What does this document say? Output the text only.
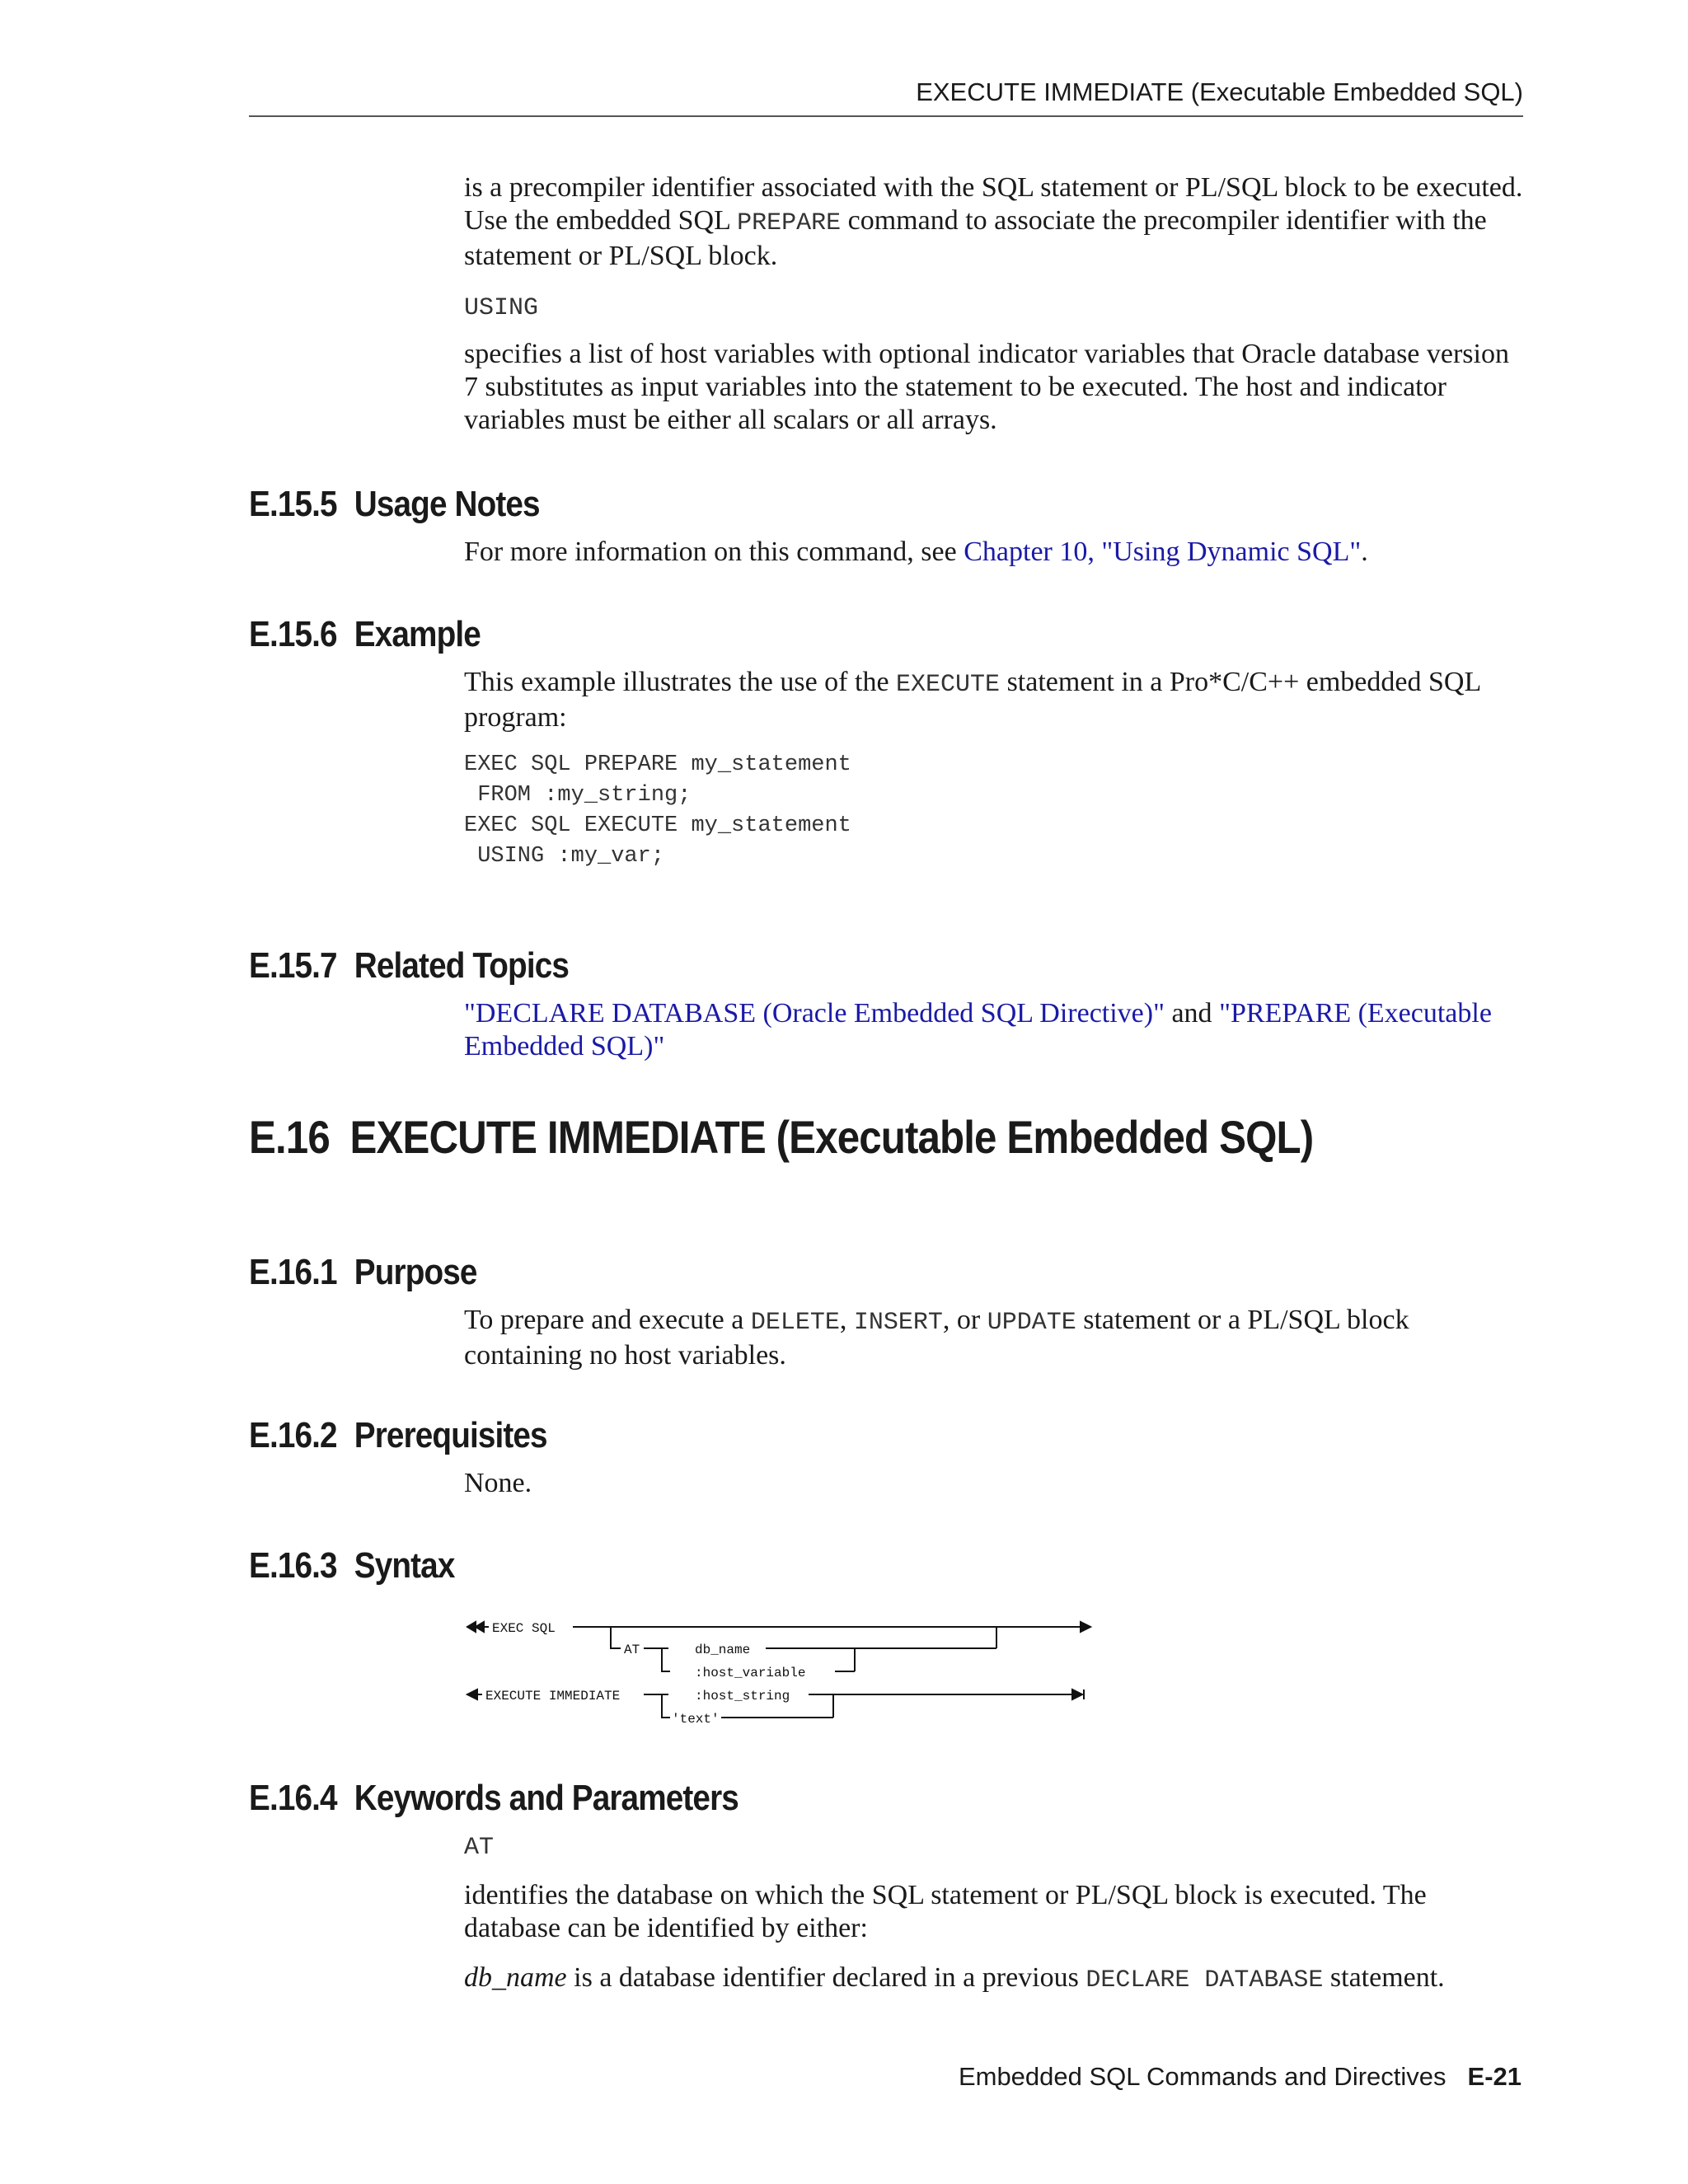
EXECUTE IMMEDIATE (Executable Embedded SQL)

is a precompiler identifier associated with the SQL statement or PL/SQL block to be executed. Use the embedded SQL PREPARE command to associate the precompiler identifier with the statement or PL/SQL block.

USING

specifies a list of host variables with optional indicator variables that Oracle database version 7 substitutes as input variables into the statement to be executed. The host and indicator variables must be either all scalars or all arrays.

E.15.5 Usage Notes

For more information on this command, see Chapter 10, "Using Dynamic SQL".

E.15.6 Example

This example illustrates the use of the EXECUTE statement in a Pro*C/C++ embedded SQL program:

EXEC SQL PREPARE my_statement
FROM :my_string;
EXEC SQL EXECUTE my_statement
USING :my_var;
E.15.7 Related Topics

"DECLARE DATABASE (Oracle Embedded SQL Directive)" and "PREPARE (Executable Embedded SQL)"

E.16 EXECUTE IMMEDIATE (Executable Embedded SQL)
E.16.1 Purpose

To prepare and execute a DELETE, INSERT, or UPDATE statement or a PL/SQL block containing no host variables.

E.16.2 Prerequisites

None.

E.16.3 Syntax
EXEC SQL
AT	db_name
:host_variable
EXECUTE IMMEDIATE	:host_string
'text'
E.16.4 Keywords and Parameters

AT

identifies the database on which the SQL statement or PL/SQL block is executed. The database can be identified by either:

db_name is a database identifier declared in a previous DECLARE DATABASE statement.

Embedded SQL Commands and Directives E-21
